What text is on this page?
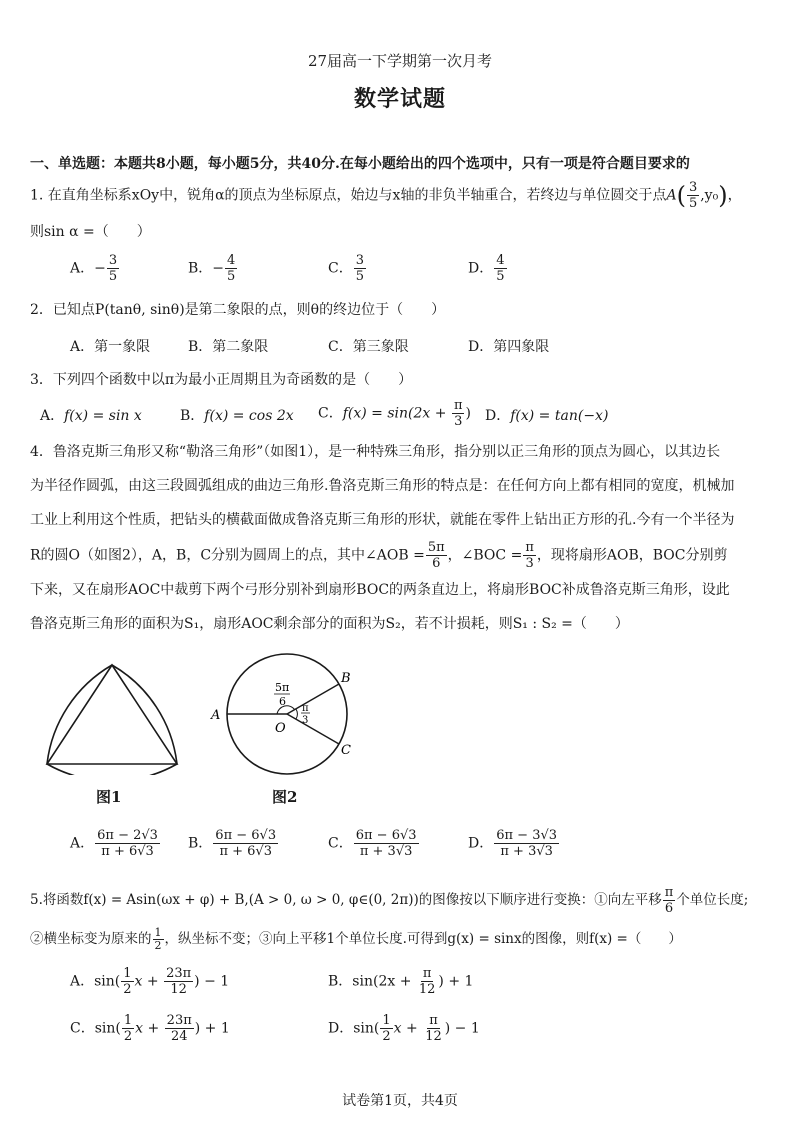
27届高一下学期第一次月考
数学试题
一、单选题：本题共8小题，每小题5分，共40分.在每小题给出的四个选项中，只有一项是符合题目要求的
1. 在直角坐标系xOy中，锐角α的顶点为坐标原点，始边与x轴的非负半轴重合，若终边与单位圆交于点$A( \frac{3}{5} ,y_0)$，
则sin α =（　　）
A．− $\frac{3}{5}$	B．− $\frac{4}{5}$	C． $\frac{3}{5}$	D． $\frac{4}{5}$
2．已知点P(tanθ, sinθ)是第二象限的点，则θ的终边位于（　　）
A．第一象限	B．第二象限	C．第三象限	D．第四象限
3．下列四个函数中以π为最小正周期且为奇函数的是（　　）
A．f(x) = sin x	B．f(x) = cos 2x C．$f(x) = \sin(2x + \frac{\pi}{3}$ ) D．f(x) = tan(−x)
4．鲁洛克斯三角形又称“勒洛三角形”（如图1），是一种特殊三角形，指分别以正三角形的顶点为圆心，以其边长
为半径作圆弧，由这三段圆弧组成的曲边三角形.鲁洛克斯三角形的特点是：在任何方向上都有相同的宽度，机械加
工业上利用这个性质，把钻头的横截面做成鲁洛克斯三角形的形状，就能在零件上钻出正方形的孔.今有一个半径为
R的圆O（如图2），A，B，C分别为圆周上的点，其中∠AOB = $\frac{5\pi}{6}$ ，∠BOC = $\frac{\pi}{3}$ ，现将扇形AOB，BOC分别剪
下来，又在扇形AOC中裁剪下两个弓形分别补到扇形BOC的两条直边上，将扇形BOC补成鲁洛克斯三角形，设此
鲁洛克斯三角形的面积为S₁，扇形AOC剩余部分的面积为S₂，若不计损耗，则S₁ : S₂ =（　　）
图1
A
B
C
O
5π
6
π
3
图2
A． $\frac{6\pi - 2√3}{\pi + 6√3}$ B． $\frac{6\pi - 6√3}{\pi + 6√3}$	C． $\frac{6\pi - 6√3}{\pi + 3√3}$	D． $\frac{6\pi - 3√3}{\pi + 3√3}$
5.将函数f(x) = Asin(ωx + φ) + B,(A > 0, ω > 0, φ∈(0, 2π))的图像按以下顺序进行变换：①向左平移 $\frac{\pi}{6}$ 个单位长度;
②横坐标变为原来的 $\frac{1}{2}$ ，纵坐标不变；③向上平移1个单位长度.可得到g(x) = sinx的图像，则f(x) =（　　）
A．$\sin( \frac{1}{2}$ $x + \frac{23\pi}{12}$ ) − 1	B．$\sin(2x + \frac{\pi}{12}$ ) + 1
C．$\sin( \frac{1}{2}$ $x + \frac{23\pi}{24}$ ) + 1	D．$\sin( \frac{1}{2}$ $x + \frac{\pi}{12}$ ) − 1
试卷第1页，共4页
